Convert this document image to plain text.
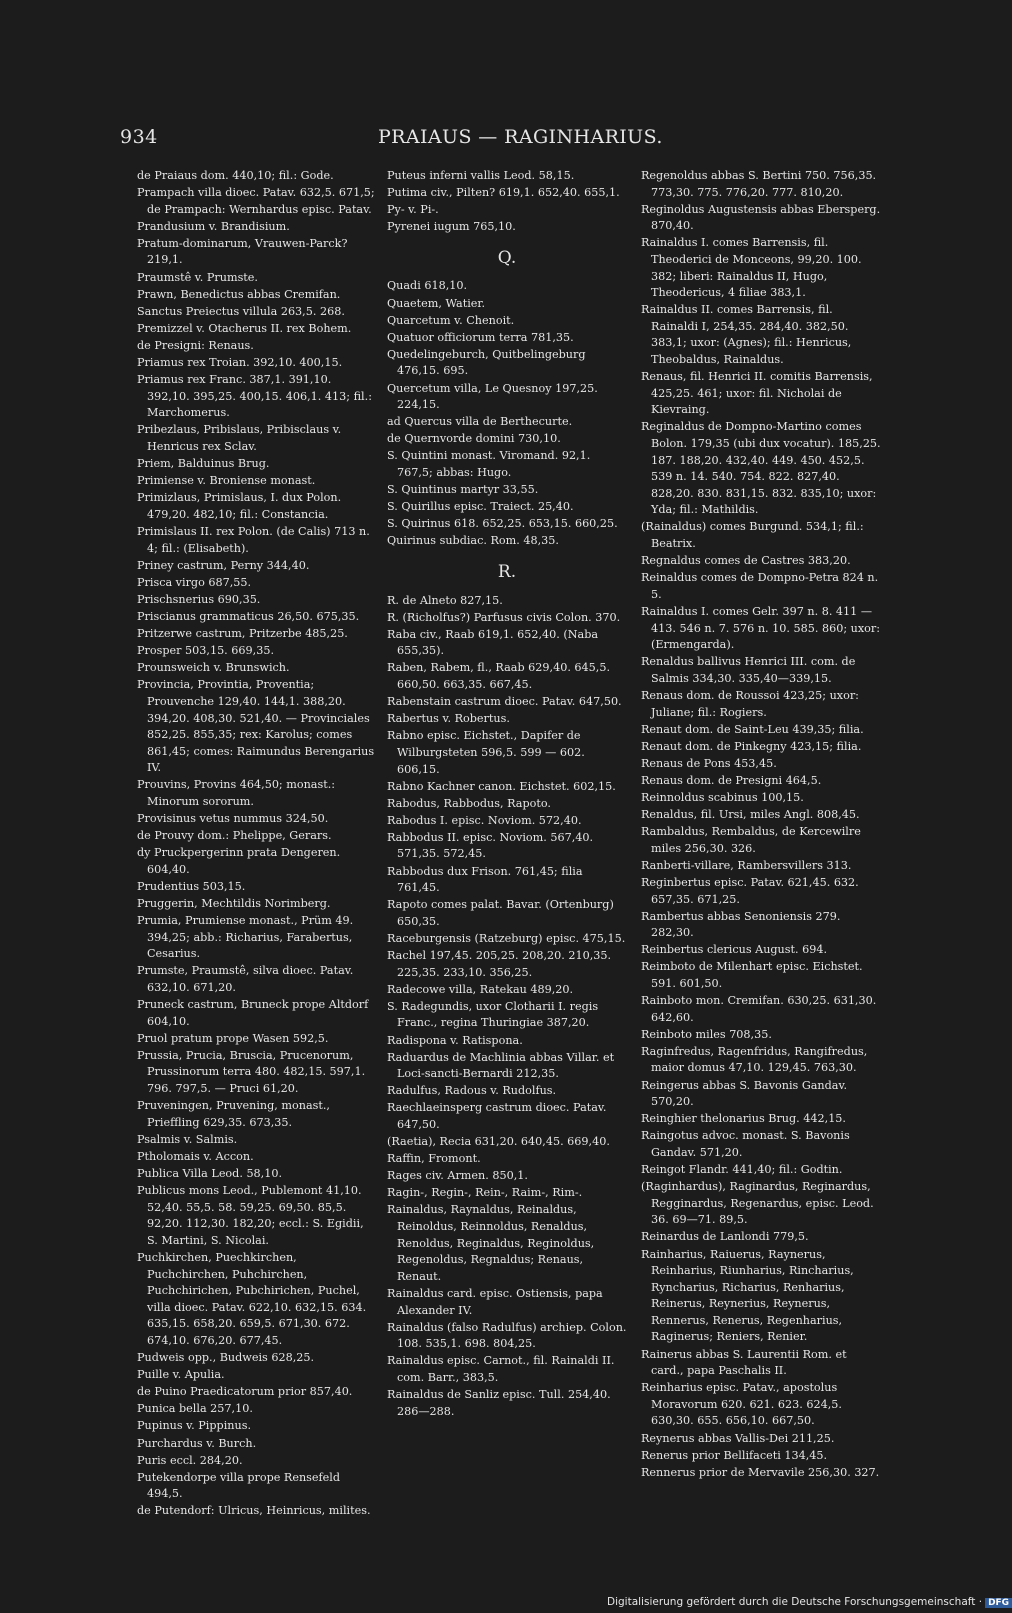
934	PRAIAUS — RAGINHARIUS.

de Praiaus dom. 440,10; fil.: Gode.

Prampach villa dioec. Patav. 632,5. 671,5; de Prampach: Wernhardus episc. Patav.

Prandusium v. Brandisium.

Pratum-dominarum, Vrauwen-Parck? 219,1.

Praumstê v. Prumste.

Prawn, Benedictus abbas Cremifan.

Sanctus Preiectus villula 263,5. 268.

Premizzel v. Otacherus II. rex Bohem.

de Presigni: Renaus.

Priamus rex Troian. 392,10. 400,15.

Priamus rex Franc. 387,1. 391,10. 392,10. 395,25. 400,15. 406,1. 413; fil.: Marchomerus.

Pribezlaus, Pribislaus, Pribisclaus v. Henricus rex Sclav.

Priem, Balduinus Brug.

Primiense v. Broniense monast.

Primizlaus, Primislaus, I. dux Polon. 479,20. 482,10; fil.: Constancia.

Primislaus II. rex Polon. (de Calis) 713 n. 4; fil.: (Elisabeth).

Priney castrum, Perny 344,40.

Prisca virgo 687,55.

Prischsnerius 690,35.

Priscianus grammaticus 26,50. 675,35.

Pritzerwe castrum, Pritzerbe 485,25.

Prosper 503,15. 669,35.

Prounsweich v. Brunswich.

Provincia, Provintia, Proventia; Prouvenche 129,40. 144,1. 388,20. 394,20. 408,30. 521,40. — Provinciales 852,25. 855,35; rex: Karolus; comes 861,45; comes: Raimundus Berengarius IV.

Prouvins, Provins 464,50; monast.: Minorum sororum.

Provisinus vetus nummus 324,50.

de Prouvy dom.: Phelippe, Gerars.

dy Pruckpergerinn prata Dengeren. 604,40.

Prudentius 503,15.

Pruggerin, Mechtildis Norimberg.

Prumia, Prumiense monast., Prüm 49. 394,25; abb.: Richarius, Farabertus, Cesarius.

Prumste, Praumstê, silva dioec. Patav. 632,10. 671,20.

Pruneck castrum, Bruneck prope Altdorf 604,10.

Pruol pratum prope Wasen 592,5.

Prussia, Prucia, Bruscia, Prucenorum, Prussinorum terra 480. 482,15. 597,1. 796. 797,5. — Pruci 61,20.

Pruveningen, Pruvening, monast., Prieffling 629,35. 673,35.

Psalmis v. Salmis.

Ptholomais v. Accon.

Publica Villa Leod. 58,10.

Publicus mons Leod., Publemont 41,10. 52,40. 55,5. 58. 59,25. 69,50. 85,5. 92,20. 112,30. 182,20; eccl.: S. Egidii, S. Martini, S. Nicolai.

Puchkirchen, Puechkirchen, Puchchirchen, Puhchirchen, Puchchirichen, Pubchirichen, Puchel, villa dioec. Patav. 622,10. 632,15. 634. 635,15. 658,20. 659,5. 671,30. 672. 674,10. 676,20. 677,45.

Pudweis opp., Budweis 628,25.

Puille v. Apulia.

de Puino Praedicatorum prior 857,40.

Punica bella 257,10.

Pupinus v. Pippinus.

Purchardus v. Burch.

Puris eccl. 284,20.

Putekendorpe villa prope Rensefeld 494,5.

de Putendorf: Ulricus, Heinricus, milites.

Puteus inferni vallis Leod. 58,15.

Putima civ., Pilten? 619,1. 652,40. 655,1.

Py- v. Pi-.

Pyrenei iugum 765,10.

Q.

Quadi 618,10.

Quaetem, Watier.

Quarcetum v. Chenoit.

Quatuor officiorum terra 781,35.

Quedelingeburch, Quitbelingeburg 476,15. 695.

Quercetum villa, Le Quesnoy 197,25. 224,15.

ad Quercus villa de Berthecurte.

de Quernvorde domini 730,10.

S. Quintini monast. Viromand. 92,1. 767,5; abbas: Hugo.

S. Quintinus martyr 33,55.

S. Quirillus episc. Traiect. 25,40.

S. Quirinus 618. 652,25. 653,15. 660,25.

Quirinus subdiac. Rom. 48,35.

R.

R. de Alneto 827,15.

R. (Richolfus?) Parfusus civis Colon. 370.

Raba civ., Raab 619,1. 652,40. (Naba 655,35).

Raben, Rabem, fl., Raab 629,40. 645,5. 660,50. 663,35. 667,45.

Rabenstain castrum dioec. Patav. 647,50.

Rabertus v. Robertus.

Rabno episc. Eichstet., Dapifer de Wilburgsteten 596,5. 599 — 602. 606,15.

Rabno Kachner canon. Eichstet. 602,15.

Rabodus, Rabbodus, Rapoto.

Rabodus I. episc. Noviom. 572,40.

Rabbodus II. episc. Noviom. 567,40. 571,35. 572,45.

Rabbodus dux Frison. 761,45; filia 761,45.

Rapoto comes palat. Bavar. (Ortenburg) 650,35.

Raceburgensis (Ratzeburg) episc. 475,15.

Rachel 197,45. 205,25. 208,20. 210,35. 225,35. 233,10. 356,25.

Radecowe villa, Ratekau 489,20.

S. Radegundis, uxor Clotharii I. regis Franc., regina Thuringiae 387,20.

Radispona v. Ratispona.

Raduardus de Machlinia abbas Villar. et Loci-sancti-Bernardi 212,35.

Radulfus, Radous v. Rudolfus.

Raechlaeinsperg castrum dioec. Patav. 647,50.

(Raetia), Recia 631,20. 640,45. 669,40.

Raffin, Fromont.

Rages civ. Armen. 850,1.

Ragin-, Regin-, Rein-, Raim-, Rim-.

Rainaldus, Raynaldus, Reinaldus, Reinoldus, Reinnoldus, Renaldus, Renoldus, Reginaldus, Reginoldus, Regenoldus, Regnaldus; Renaus, Renaut.

Rainaldus card. episc. Ostiensis, papa Alexander IV.

Rainaldus (falso Radulfus) archiep. Colon. 108. 535,1. 698. 804,25.

Rainaldus episc. Carnot., fil. Rainaldi II. com. Barr., 383,5.

Rainaldus de Sanliz episc. Tull. 254,40. 286—288.

Regenoldus abbas S. Bertini 750. 756,35. 773,30. 775. 776,20. 777. 810,20.

Reginoldus Augustensis abbas Ebersperg. 870,40.

Rainaldus I. comes Barrensis, fil. Theoderici de Monceons, 99,20. 100. 382; liberi: Rainaldus II, Hugo, Theodericus, 4 filiae 383,1.

Rainaldus II. comes Barrensis, fil. Rainaldi I, 254,35. 284,40. 382,50. 383,1; uxor: (Agnes); fil.: Henricus, Theobaldus, Rainaldus.

Renaus, fil. Henrici II. comitis Barrensis, 425,25. 461; uxor: fil. Nicholai de Kievraing.

Reginaldus de Dompno-Martino comes Bolon. 179,35 (ubi dux vocatur). 185,25. 187. 188,20. 432,40. 449. 450. 452,5. 539 n. 14. 540. 754. 822. 827,40. 828,20. 830. 831,15. 832. 835,10; uxor: Yda; fil.: Mathildis.

(Rainaldus) comes Burgund. 534,1; fil.: Beatrix.

Regnaldus comes de Castres 383,20.

Reinaldus comes de Dompno-Petra 824 n. 5.

Rainaldus I. comes Gelr. 397 n. 8. 411 —413. 546 n. 7. 576 n. 10. 585. 860; uxor: (Ermengarda).

Renaldus ballivus Henrici III. com. de Salmis 334,30. 335,40—339,15.

Renaus dom. de Roussoi 423,25; uxor: Juliane; fil.: Rogiers.

Renaut dom. de Saint-Leu 439,35; filia.

Renaut dom. de Pinkegny 423,15; filia.

Renaus de Pons 453,45.

Renaus dom. de Presigni 464,5.

Reinnoldus scabinus 100,15.

Renaldus, fil. Ursi, miles Angl. 808,45.

Rambaldus, Rembaldus, de Kercewilre miles 256,30. 326.

Ranberti-villare, Rambersvillers 313.

Reginbertus episc. Patav. 621,45. 632. 657,35. 671,25.

Rambertus abbas Senoniensis 279. 282,30.

Reinbertus clericus August. 694.

Reimboto de Milenhart episc. Eichstet. 591. 601,50.

Rainboto mon. Cremifan. 630,25. 631,30. 642,60.

Reinboto miles 708,35.

Raginfredus, Ragenfridus, Rangifredus, maior domus 47,10. 129,45. 763,30.

Reingerus abbas S. Bavonis Gandav. 570,20.

Reinghier thelonarius Brug. 442,15.

Raingotus advoc. monast. S. Bavonis Gandav. 571,20.

Reingot Flandr. 441,40; fil.: Godtin.

(Raginhardus), Raginardus, Reginardus, Regginardus, Regenardus, episc. Leod. 36. 69—71. 89,5.

Reinardus de Lanlondi 779,5.

Rainharius, Raiuerus, Raynerus, Reinharius, Riunharius, Rincharius, Ryncharius, Richarius, Renharius, Reinerus, Reynerius, Reynerus, Rennerus, Renerus, Regenharius, Raginerus; Reniers, Renier.

Rainerus abbas S. Laurentii Rom. et card., papa Paschalis II.

Reinharius episc. Patav., apostolus Moravorum 620. 621. 623. 624,5. 630,30. 655. 656,10. 667,50.

Reynerus abbas Vallis-Dei 211,25.

Renerus prior Bellifaceti 134,45.

Rennerus prior de Mervavile 256,30. 327.

Digitalisierung gefördert durch die Deutsche Forschungsgemeinschaft · DFG
